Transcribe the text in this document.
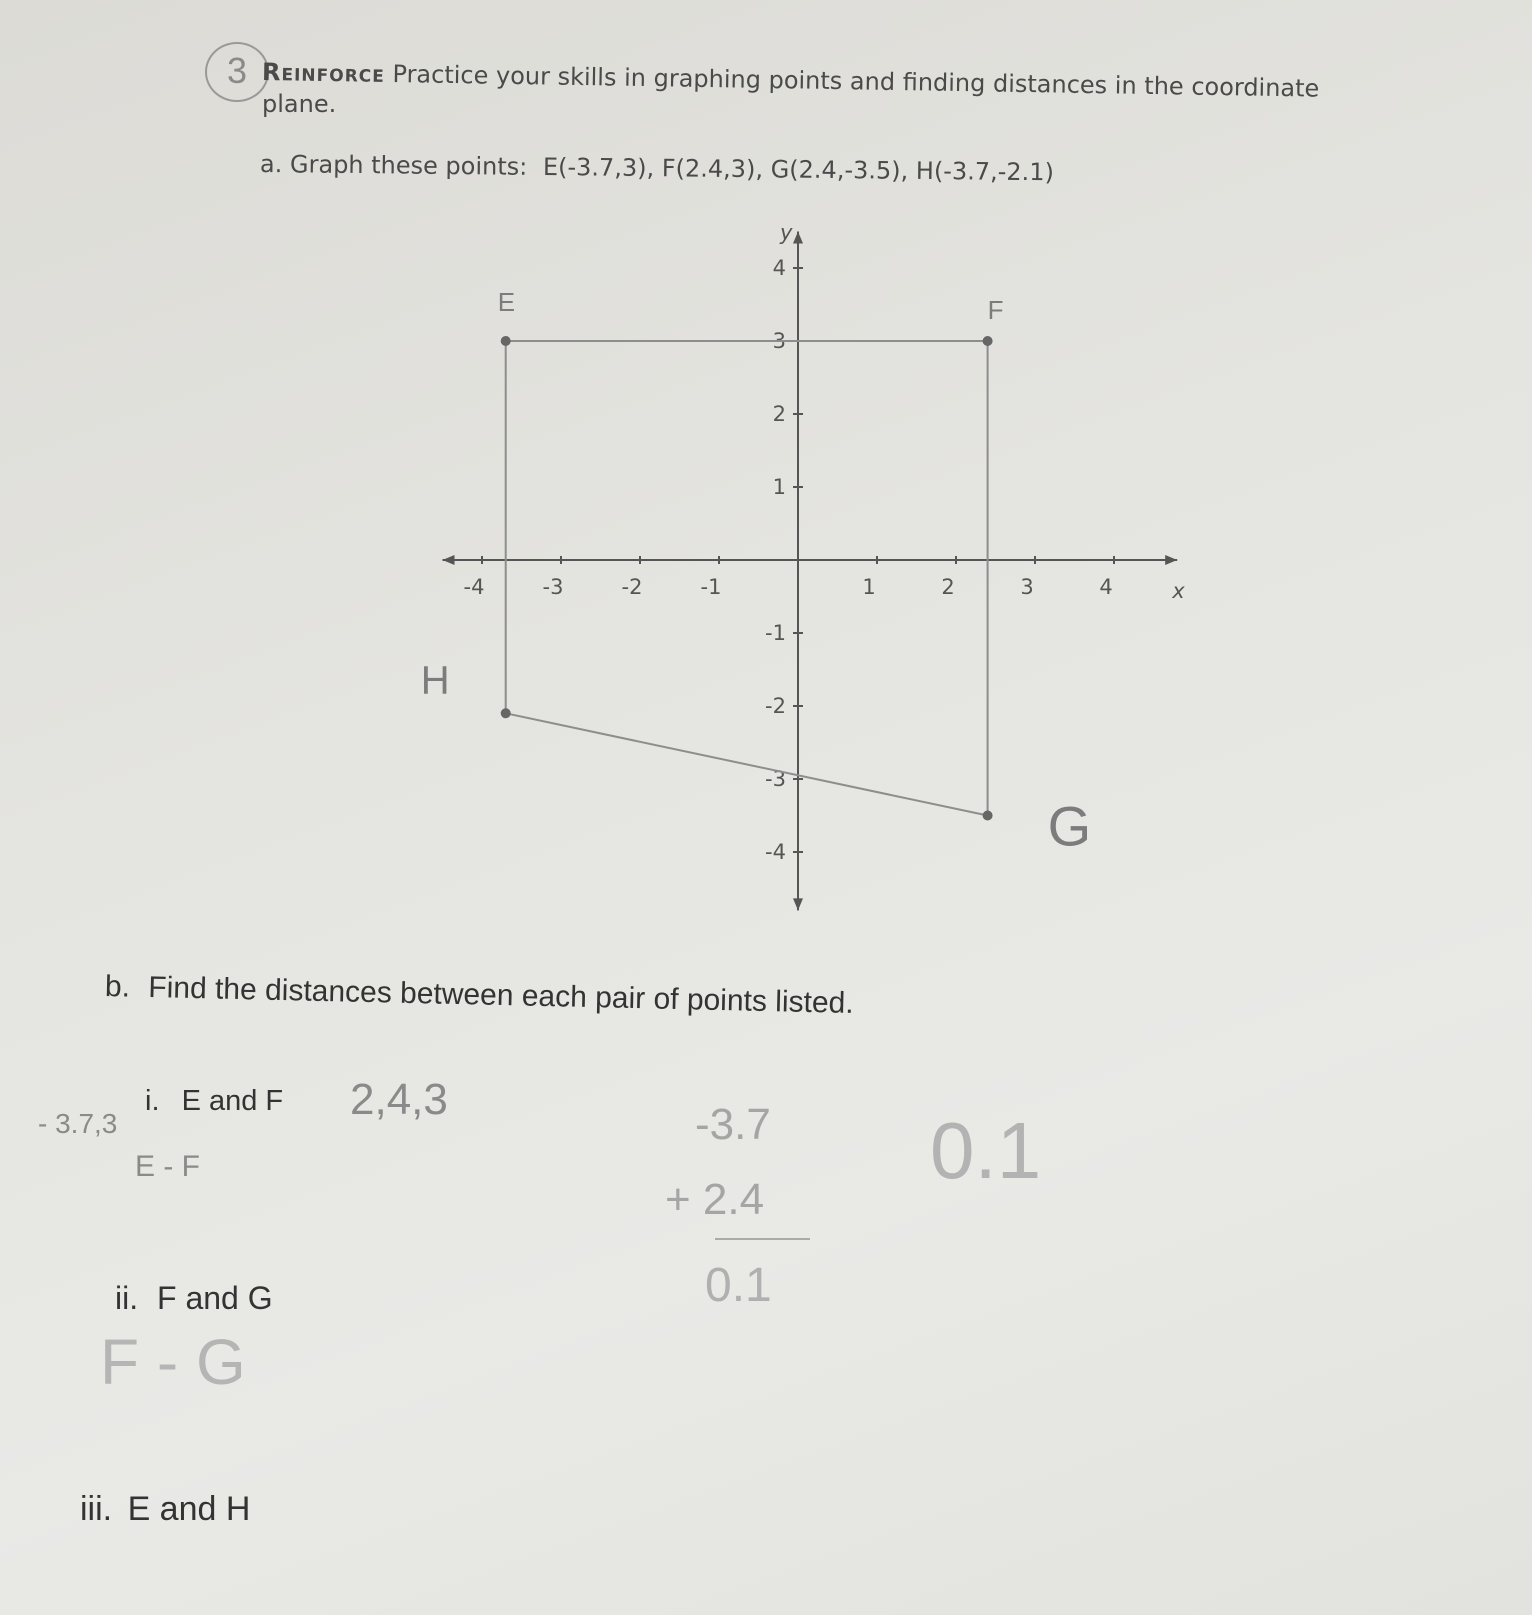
3 Reinforce Practice your skills in graphing points and finding distances in the coordinate
plane.
a. Graph these points: E(-3.7,3), F(2.4,3), G(2.4,-3.5), H(-3.7,-2.1)
-4	-3	-2	-1	1	2	3	4
4
3
2
1
-1
-2
-3
-4
x
y
E	F
G
H
b. Find the distances between each pair of points listed.
i. E and F
ii. F and G
iii. E and H
2,4,3
- 3.7,3
E - F
-3.7
+ 2.4
0.1
0.1
F - G
